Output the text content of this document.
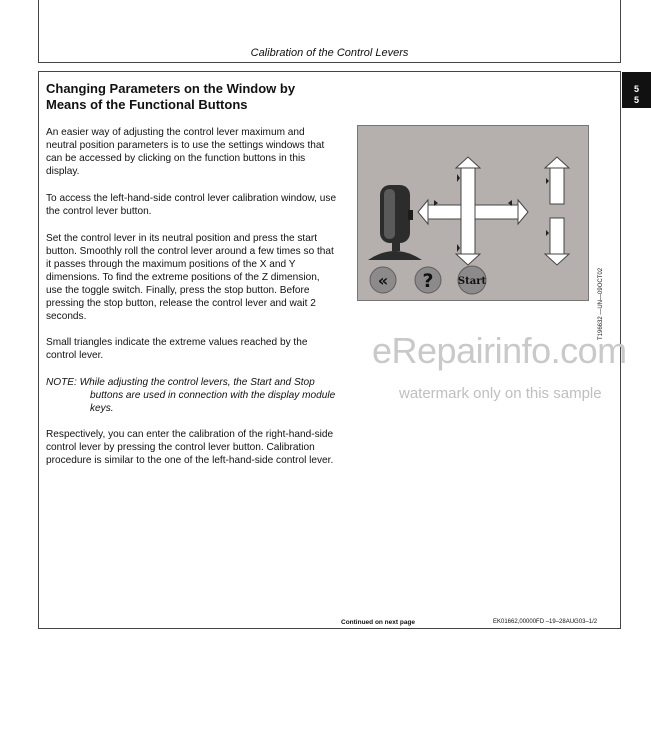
Calibration of the Control Levers
5
5
Changing Parameters on the Window by Means of the Functional Buttons

An easier way of adjusting the control lever maximum and neutral position parameters is to use the settings windows that can be accessed by clicking on the function buttons in this display.

To access the left-hand-side control lever calibration window, use the control lever button.

Set the control lever in its neutral position and press the start button. Smoothly roll the control lever around a few times so that it passes through the maximum positions of the X and Y dimensions. To find the extreme positions of the Z dimension, use the toggle switch. Finally, press the stop button. Before pressing the stop button, release the control lever and wait 2 seconds.

Small triangles indicate the extreme values reached by the control lever.

NOTE: While adjusting the control levers, the Start and Stop buttons are used in connection with the display module keys.

Respectively, you can enter the calibration of the right-hand-side control lever by pressing the control lever button. Calibration procedure is similar to the one of the left-hand-side control lever.

« ? Start	T196632 —UN—09OCT02
eRepairinfo.com
watermark only on this sample
Continued on next page	EK01662,00000FD –19–28AUG03–1/2
